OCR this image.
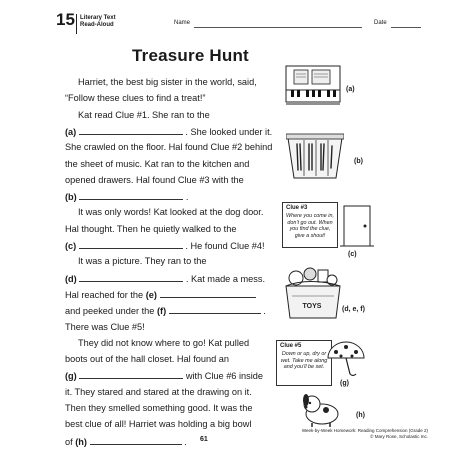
15 Literary Text
Read-Aloud	Name	Date
Treasure Hunt
Harriet, the best big sister in the world, said,
“Follow these clues to find a treat!”
Kat read Clue #1. She ran to the
(a)	. She looked under it.
She crawled on the floor. Hal found Clue #2 behind
the sheet of music. Kat ran to the kitchen and
opened drawers. Hal found Clue #3 with the
(b)	.
It was only words! Kat looked at the dog door.
Hal thought. Then he quietly walked to the
(c)	. He found Clue #4!
It was a picture. They ran to the
(d)	. Kat made a mess.
Hal reached for the (e)
and peeked under the (f)	.
There was Clue #5!
They did not know where to go! Kat pulled
boots out of the hall closet. Hal found an
(g)	with Clue #6 inside
it. They stared and stared at the drawing on it.
Then they smelled something good. It was the
best clue of all! Harriet was holding a big bowl
of (h)	.
(a)
(b)
Clue #3
Where you come in, don’t go out. When you find the clue, give a shout!
(c)
TOYS	(d, e, f)
Clue #5
Down or up, dry or wet. Take me along and you’ll be set.
(g)
(h)
61
Week-by-Week Homework: Reading Comprehension (Grade 2)
© Mary Rose, Scholastic Inc.
